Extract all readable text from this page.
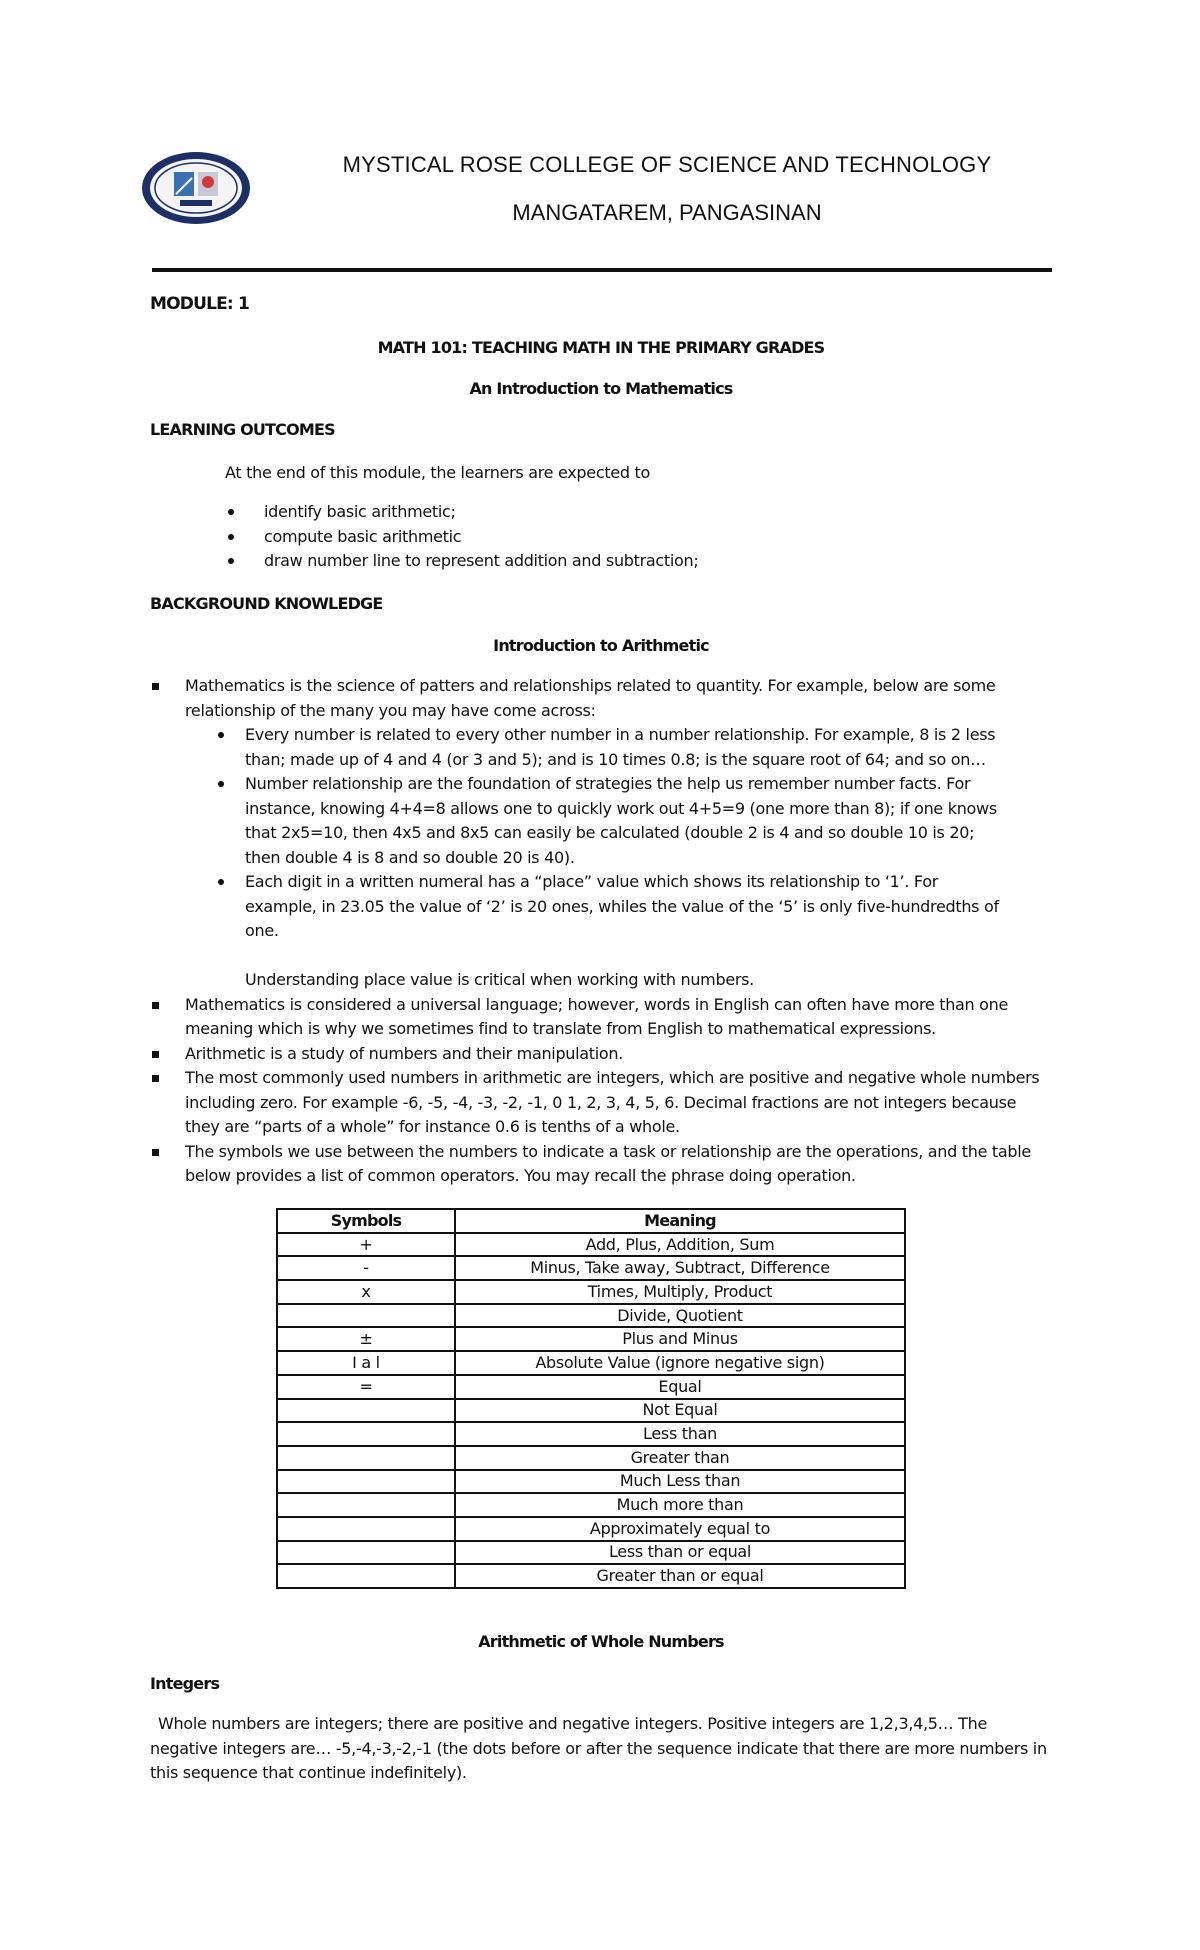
MYSTICAL ROSE COLLEGE OF SCIENCE AND TECHNOLOGY
MANGATAREM, PANGASINAN
MODULE: 1
MATH 101: TEACHING MATH IN THE PRIMARY GRADES
An Introduction to Mathematics
LEARNING OUTCOMES
At the end of this module, the learners are expected to
identify basic arithmetic;
compute basic arithmetic
draw number line to represent addition and subtraction;
BACKGROUND KNOWLEDGE
Introduction to Arithmetic
Mathematics is the science of patters and relationships related to quantity. For example, below are some relationship of the many you may have come across:
Every number is related to every other number in a number relationship. For example, 8 is 2 less than; made up of 4 and 4 (or 3 and 5); and is 10 times 0.8; is the square root of 64; and so on…
Number relationship are the foundation of strategies the help us remember number facts. For instance, knowing 4+4=8 allows one to quickly work out 4+5=9 (one more than 8); if one knows that 2x5=10, then 4x5 and 8x5 can easily be calculated (double 2 is 4 and so double 10 is 20; then double 4 is 8 and so double 20 is 40).
Each digit in a written numeral has a “place” value which shows its relationship to ‘1’. For example, in 23.05 the value of ‘2’ is 20 ones, whiles the value of the ‘5’ is only five-hundredths of one.
Understanding place value is critical when working with numbers.
Mathematics is considered a universal language; however, words in English can often have more than one meaning which is why we sometimes find to translate from English to mathematical expressions.
Arithmetic is a study of numbers and their manipulation.
The most commonly used numbers in arithmetic are integers, which are positive and negative whole numbers including zero. For example -6, -5, -4, -3, -2, -1, 0 1, 2, 3, 4, 5, 6. Decimal fractions are not integers because they are “parts of a whole” for instance 0.6 is tenths of a whole.
The symbols we use between the numbers to indicate a task or relationship are the operations, and the table below provides a list of common operators. You may recall the phrase doing operation.
Symbols	Meaning
+	Add, Plus, Addition, Sum
-	Minus, Take away, Subtract, Difference
x	Times, Multiply, Product
	Divide, Quotient
±	Plus and Minus
I a l	Absolute Value (ignore negative sign)
=	Equal
	Not Equal
	Less than
	Greater than
	Much Less than
	Much more than
	Approximately equal to
	Less than or equal
	Greater than or equal
Arithmetic of Whole Numbers
Integers
Whole numbers are integers; there are positive and negative integers. Positive integers are 1,2,3,4,5… The negative integers are… -5,-4,-3,-2,-1 (the dots before or after the sequence indicate that there are more numbers in this sequence that continue indefinitely).
